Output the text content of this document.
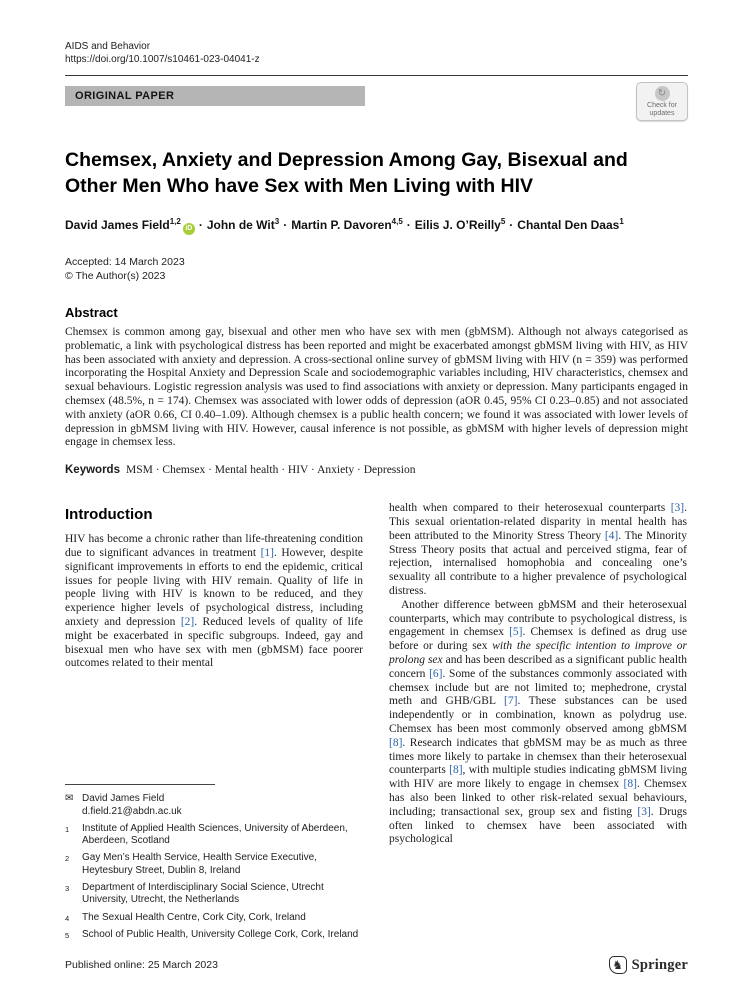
AIDS and Behavior
https://doi.org/10.1007/s10461-023-04041-z
ORIGINAL PAPER	↻
Check for
updates
Chemsex, Anxiety and Depression Among Gay, Bisexual and Other Men Who have Sex with Men Living with HIV
David James Field$^{1,2}$iD · John de Wit$^3$ · Martin P. Davoren$^{4,5}$ · Eilis J. O’Reilly$^5$ · Chantal Den Daas$^1$
Accepted: 14 March 2023
© The Author(s) 2023
Abstract

Chemsex is common among gay, bisexual and other men who have sex with men (gbMSM). Although not always categorised as problematic, a link with psychological distress has been reported and might be exacerbated amongst gbMSM living with HIV, as HIV has been associated with anxiety and depression. A cross-sectional online survey of gbMSM living with HIV (n = 359) was performed incorporating the Hospital Anxiety and Depression Scale and sociodemographic variables including, HIV characteristics, chemsex and sexual behaviours. Logistic regression analysis was used to find associations with anxiety or depression. Many participants engaged in chemsex (48.5%, n = 174). Chemsex was associated with lower odds of depression (aOR 0.45, 95% CI 0.23–0.85) and not associated with anxiety (aOR 0.66, CI 0.40–1.09). Although chemsex is a public health concern; we found it was associated with lower levels of depression in gbMSM living with HIV. However, causal inference is not possible, as gbMSM with higher levels of depression might engage in chemsex less.

Keywords MSM · Chemsex · Mental health · HIV · Anxiety · Depression
Introduction

HIV has become a chronic rather than life-threatening condition due to significant advances in treatment [1]. However, despite significant improvements in efforts to end the epidemic, critical issues for people living with HIV remain. Quality of life in people living with HIV is known to be reduced, and they experience higher levels of psychological distress, including anxiety and depression [2]. Reduced levels of quality of life might be exacerbated in specific subgroups. Indeed, gay and bisexual men who have sex with men (gbMSM) face poorer outcomes related to their mental

✉ David James Field
d.field.21@abdn.ac.uk
1 Institute of Applied Health Sciences, University of Aberdeen, Aberdeen, Scotland
2 Gay Men’s Health Service, Health Service Executive, Heytesbury Street, Dublin 8, Ireland
3 Department of Interdisciplinary Social Science, Utrecht University, Utrecht, the Netherlands
4 The Sexual Health Centre, Cork City, Cork, Ireland
5 School of Public Health, University College Cork, Cork, Ireland

health when compared to their heterosexual counterparts [3]. This sexual orientation-related disparity in mental health has been attributed to the Minority Stress Theory [4]. The Minority Stress Theory posits that actual and perceived stigma, fear of rejection, internalised homophobia and concealing one’s sexuality all contribute to a higher prevalence of psychological distress.

Another difference between gbMSM and their heterosexual counterparts, which may contribute to psychological distress, is engagement in chemsex [5]. Chemsex is defined as drug use before or during sex with the specific intention to improve or prolong sex and has been described as a significant public health concern [6]. Some of the substances commonly associated with chemsex include but are not limited to; mephedrone, crystal meth and GHB/GBL [7]. These substances can be used independently or in combination, known as polydrug use. Chemsex has been most commonly observed among gbMSM [8]. Research indicates that gbMSM may be as much as three times more likely to partake in chemsex than their heterosexual counterparts [8], with multiple studies indicating gbMSM living with HIV are more likely to engage in chemsex [8]. Chemsex has also been linked to other risk-related sexual behaviours, including; transactional sex, group sex and fisting [3]. Drugs often linked to chemsex have been associated with psychological

Published online: 25 March 2023	♞ Springer
